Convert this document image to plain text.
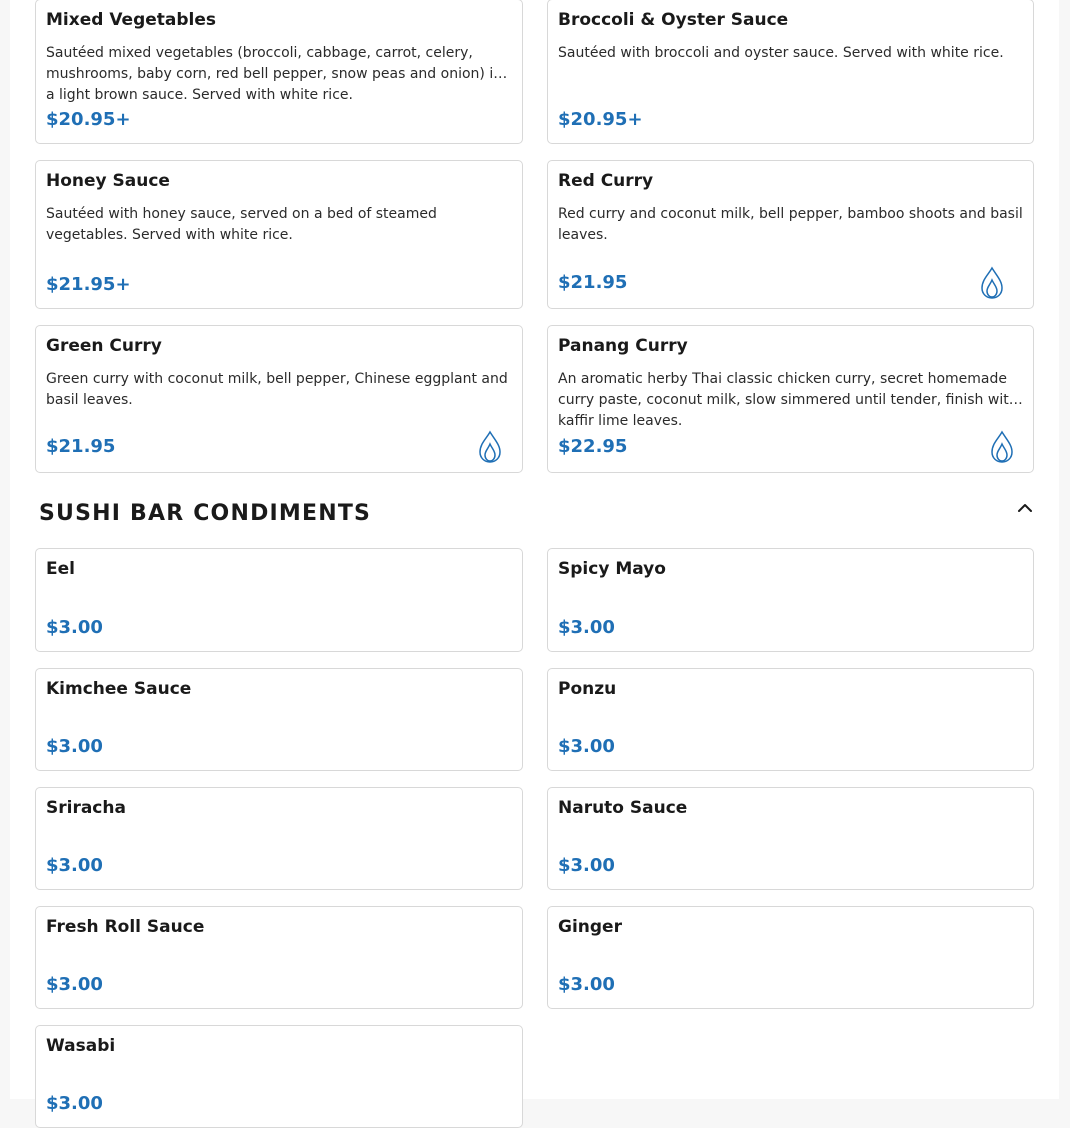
Mixed Vegetables
Sautéed mixed vegetables (broccoli, cabbage, carrot, celery, mushrooms, baby corn, red bell pepper, snow peas and onion) in a light brown sauce. Served with white rice.
$20.95+
Broccoli & Oyster Sauce
Sautéed with broccoli and oyster sauce. Served with white rice.
$20.95+
Honey Sauce
Sautéed with honey sauce, served on a bed of steamed vegetables. Served with white rice.
$21.95+
Red Curry
Red curry and coconut milk, bell pepper, bamboo shoots and basil leaves.
$21.95
Green Curry
Green curry with coconut milk, bell pepper, Chinese eggplant and basil leaves.
$21.95
Panang Curry
An aromatic herby Thai classic chicken curry, secret homemade curry paste, coconut milk, slow simmered until tender, finish with kaffir lime leaves.
$22.95
SUSHI BAR CONDIMENTS
Eel
$3.00
Spicy Mayo
$3.00
Kimchee Sauce
$3.00
Ponzu
$3.00
Sriracha
$3.00
Naruto Sauce
$3.00
Fresh Roll Sauce
$3.00
Ginger
$3.00
Wasabi
$3.00
